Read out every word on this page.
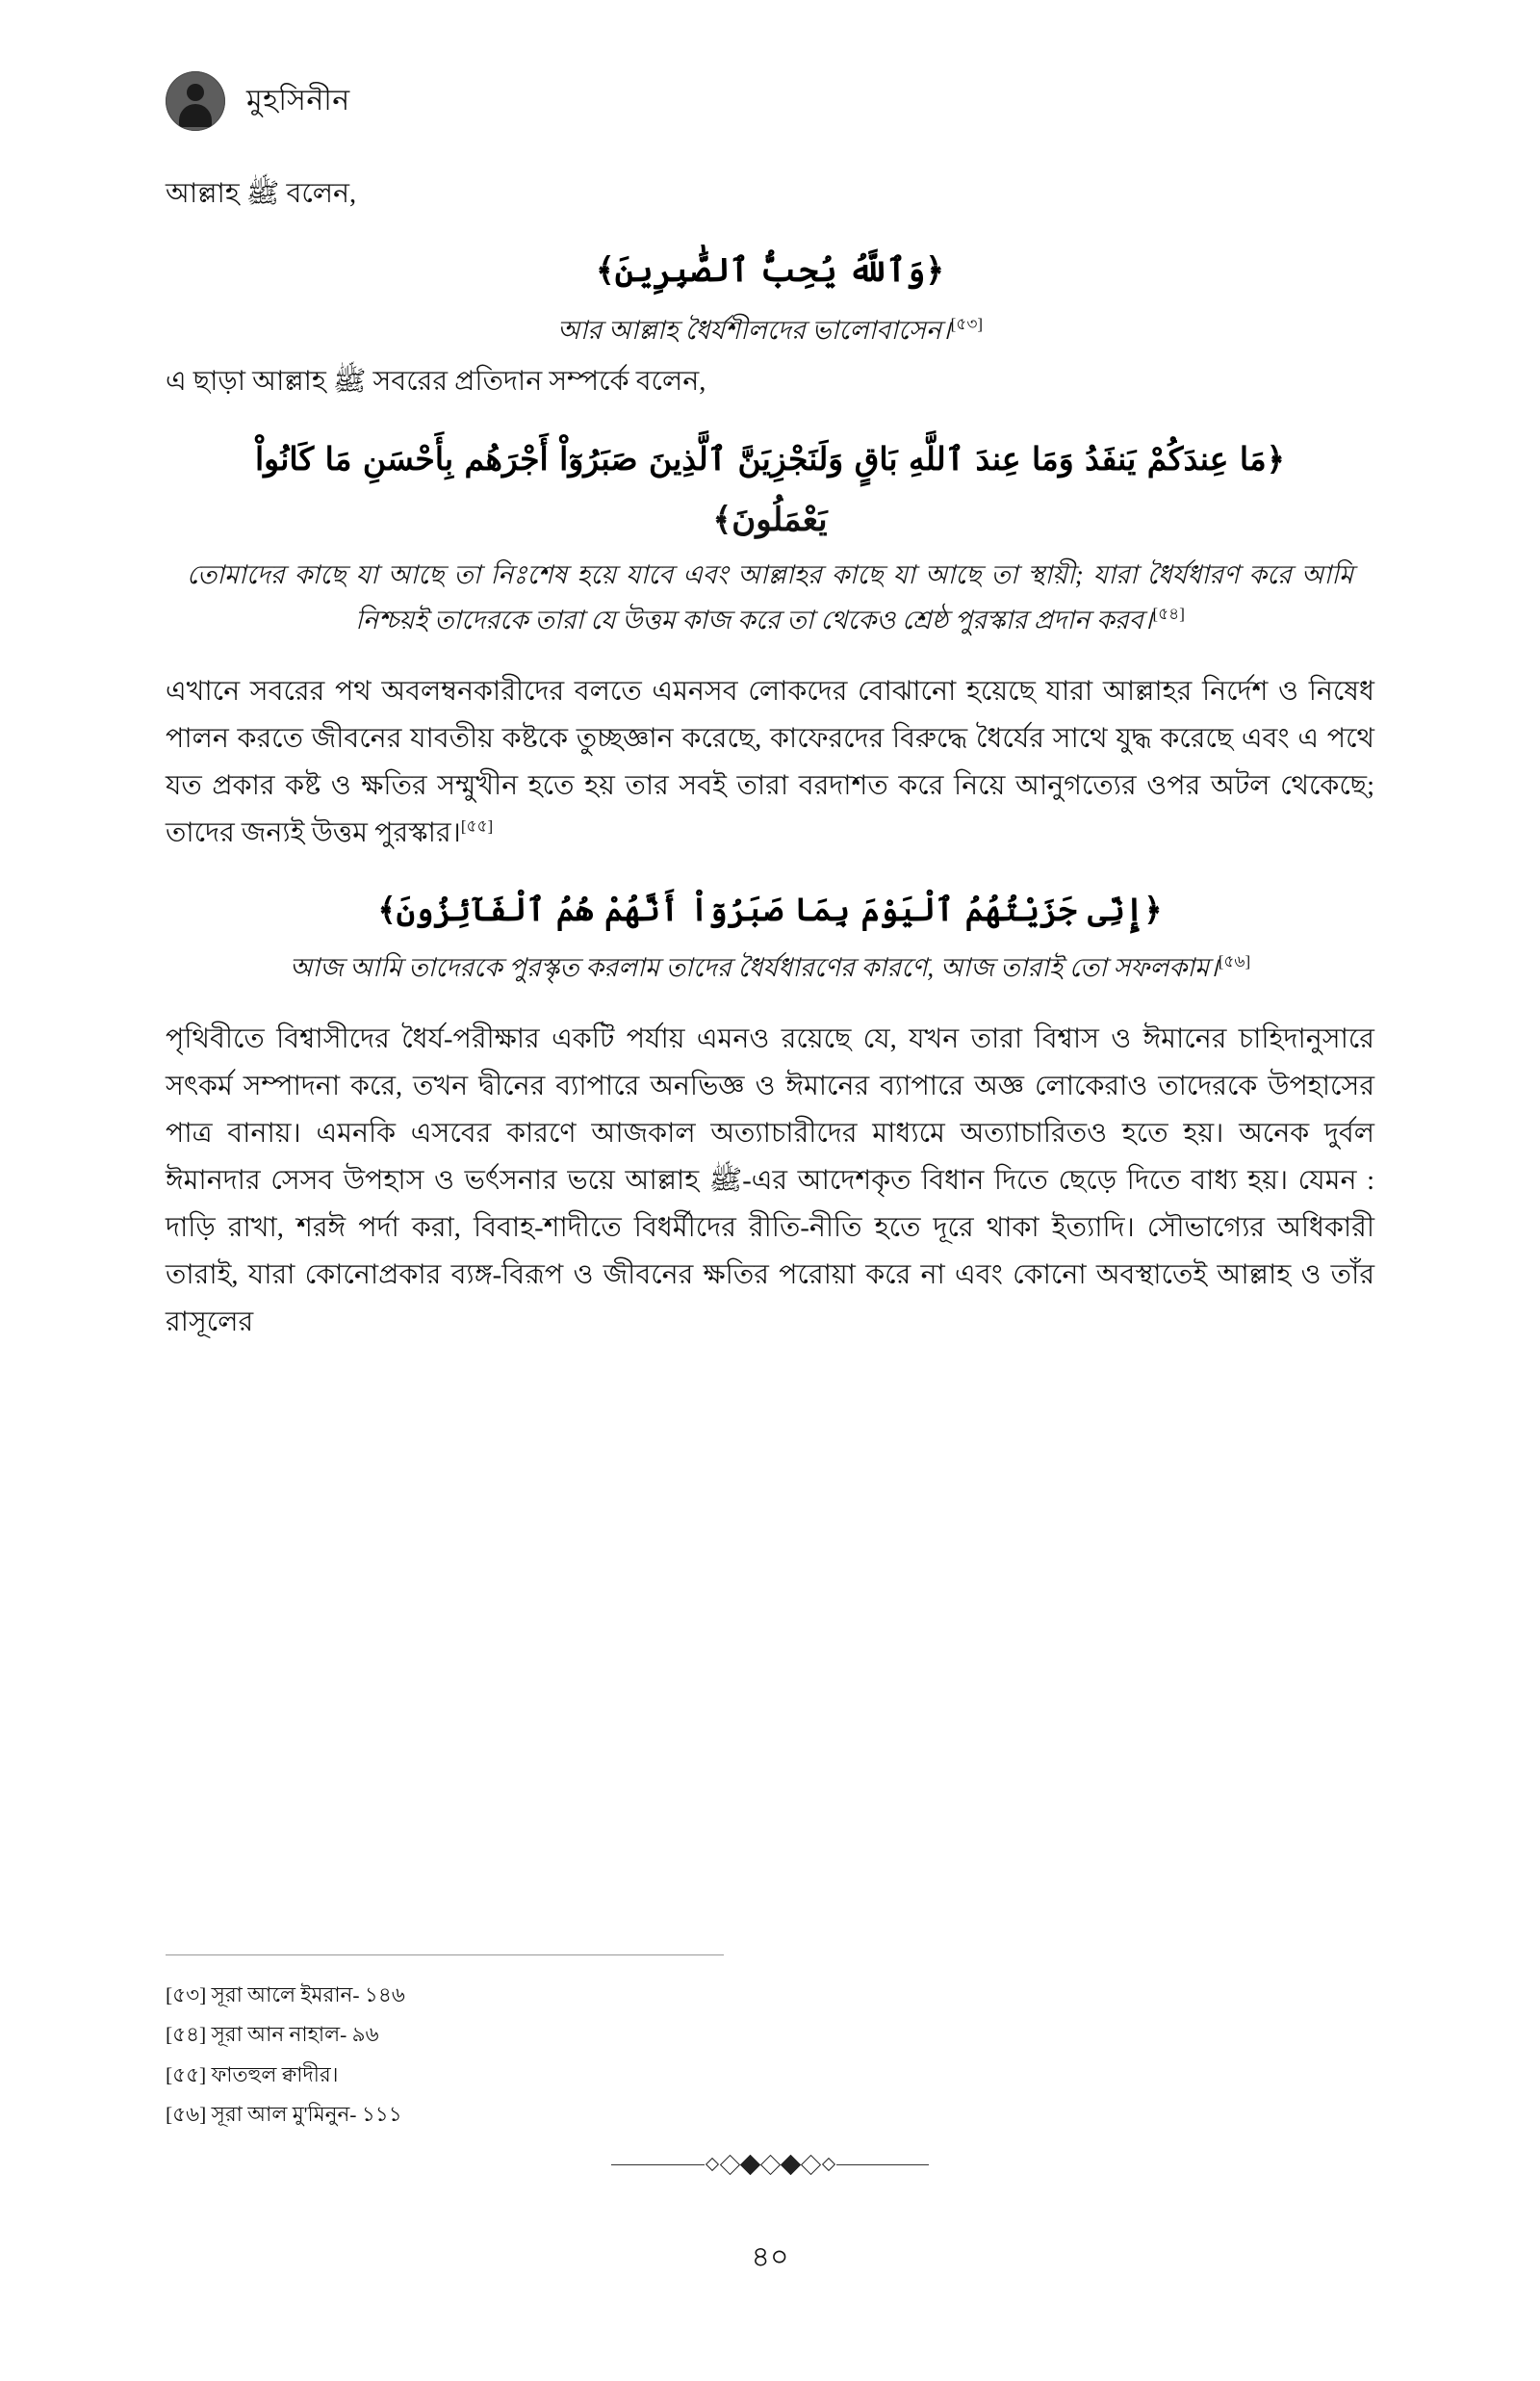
মুহসিনীন

আল্লাহ ﷺ বলেন,

﴿وَٱللَّهُ يُحِبُّ ٱلصَّٰبِرِينَ﴾
আর আল্লাহ ধৈর্যশীলদের ভালোবাসেন।[৫৩]

এ ছাড়া আল্লাহ ﷺ সবরের প্রতিদান সম্পর্কে বলেন,

﴿مَا عِندَكُمْ يَنفَدُ وَمَا عِندَ ٱللَّهِ بَاقٍ وَلَنَجْزِيَنَّ ٱلَّذِينَ صَبَرُوٓاْ أَجْرَهُم بِأَحْسَنِ مَا كَانُواْ
يَعْمَلُونَ﴾
তোমাদের কাছে যা আছে তা নিঃশেষ হয়ে যাবে এবং আল্লাহর কাছে যা আছে তা স্থায়ী; যারা ধৈর্যধারণ করে আমি নিশ্চয়ই তাদেরকে তারা যে উত্তম কাজ করে তা থেকেও শ্রেষ্ঠ পুরস্কার প্রদান করব।[৫৪]

এখানে সবরের পথ অবলম্বনকারীদের বলতে এমনসব লোকদের বোঝানো হয়েছে যারা আল্লাহর নির্দেশ ও নিষেধ পালন করতে জীবনের যাবতীয় কষ্টকে তুচ্ছজ্ঞান করেছে, কাফেরদের বিরুদ্ধে ধৈর্যের সাথে যুদ্ধ করেছে এবং এ পথে যত প্রকার কষ্ট ও ক্ষতির সম্মুখীন হতে হয় তার সবই তারা বরদাশত করে নিয়ে আনুগত্যের ওপর অটল থেকেছে; তাদের জন্যই উত্তম পুরস্কার।[৫৫]

﴿إِنِّى جَزَيْتُهُمُ ٱلْيَوْمَ بِمَا صَبَرُوٓاْ أَنَّهُمْ هُمُ ٱلْفَآئِزُونَ﴾
আজ আমি তাদেরকে পুরস্কৃত করলাম তাদের ধৈর্যধারণের কারণে, আজ তারাই তো সফলকাম।[৫৬]

পৃথিবীতে বিশ্বাসীদের ধৈর্য-পরীক্ষার একটি পর্যায় এমনও রয়েছে যে, যখন তারা বিশ্বাস ও ঈমানের চাহিদানুসারে সৎকর্ম সম্পাদনা করে, তখন দ্বীনের ব্যাপারে অনভিজ্ঞ ও ঈমানের ব্যাপারে অজ্ঞ লোকেরাও তাদেরকে উপহাসের পাত্র বানায়। এমনকি এসবের কারণে আজকাল অত্যাচারীদের মাধ্যমে অত্যাচারিতও হতে হয়। অনেক দুর্বল ঈমানদার সেসব উপহাস ও ভর্ৎসনার ভয়ে আল্লাহ ﷺ-এর আদেশকৃত বিধান দিতে ছেড়ে দিতে বাধ্য হয়। যেমন : দাড়ি রাখা, শরঈ পর্দা করা, বিবাহ-শাদীতে বিধর্মীদের রীতি-নীতি হতে দূরে থাকা ইত্যাদি। সৌভাগ্যের অধিকারী তারাই, যারা কোনোপ্রকার ব্যঙ্গ-বিরূপ ও জীবনের ক্ষতির পরোয়া করে না এবং কোনো অবস্থাতেই আল্লাহ ও তাঁর রাসূলের

[৫৩] সূরা আলে ইমরান- ১৪৬
[৫৪] সূরা আন নাহাল- ৯৬
[৫৫] ফাতহুল ক্বাদীর।
[৫৬] সূরা আল মু'মিনুন- ১১১
৪০
